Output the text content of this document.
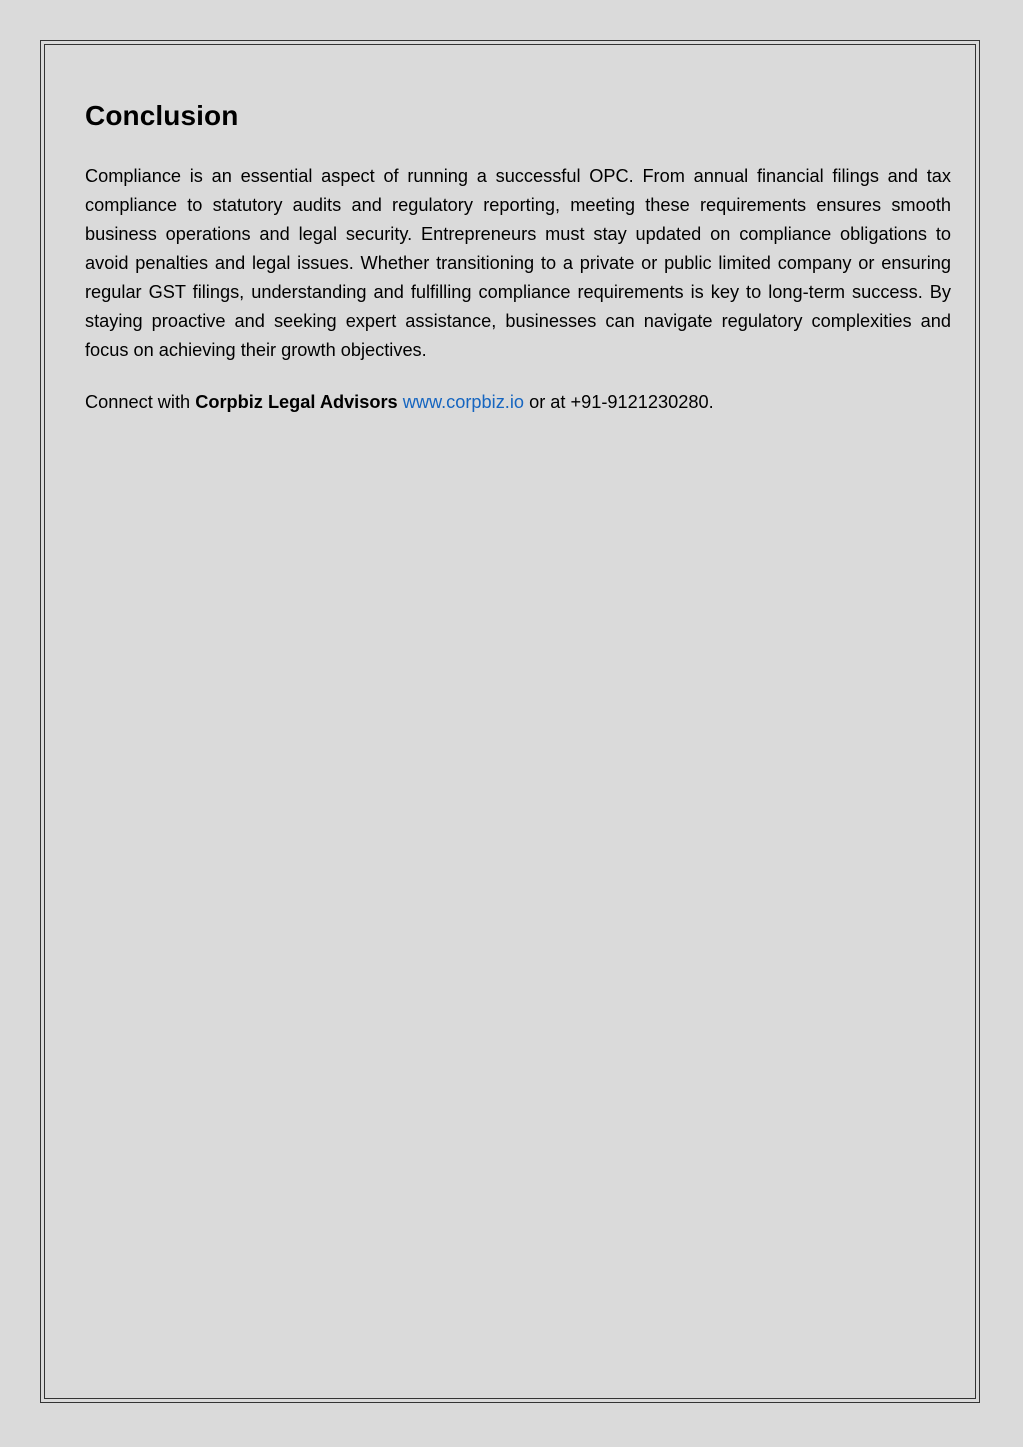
Conclusion

Compliance is an essential aspect of running a successful OPC. From annual financial filings and tax compliance to statutory audits and regulatory reporting, meeting these requirements ensures smooth business operations and legal security. Entrepreneurs must stay updated on compliance obligations to avoid penalties and legal issues. Whether transitioning to a private or public limited company or ensuring regular GST filings, understanding and fulfilling compliance requirements is key to long-term success. By staying proactive and seeking expert assistance, businesses can navigate regulatory complexities and focus on achieving their growth objectives.

Connect with Corpbiz Legal Advisors www.corpbiz.io or at +91-9121230280.
